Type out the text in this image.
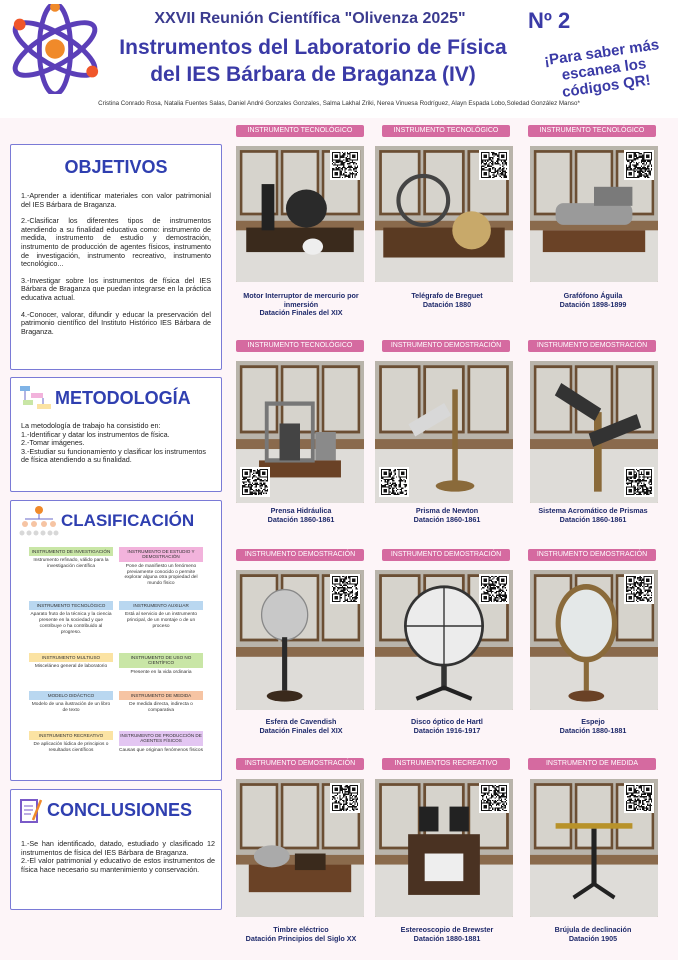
XXVII Reunión Científica "Olivenza 2025"
Instrumentos del Laboratorio de Física
del IES Bárbara de Braganza (IV)
Nº 2
¡Para saber más escanea los códigos QR!
Cristina Conrado Rosa, Natalia Fuentes Salas, Daniel André Gonzales Gonzales, Salma Lakhal Zriki, Nerea Vinuesa Rodríguez, Alayn Espada Lobo,Soledad González Manso*
OBJETIVOS

1.-Aprender a identificar materiales con valor patrimonial del IES Bárbara de Braganza.

2.-Clasificar los diferentes tipos de instrumentos atendiendo a su finalidad educativa como: instrumento de medida, instrumento de estudio y demostración, instrumento de producción de agentes físicos, instrumento de investigación, instrumento recreativo, instrumento tecnológico...

3.-Investigar sobre los instrumentos de física del IES Bárbara de Braganza que puedan integrarse en la práctica educativa actual.

4.-Conocer, valorar, difundir y educar la preservación del patrimonio científico del Instituto Histórico IES Bárbara de Braganza.

METODOLOGÍA

La metodología de trabajo ha consistido en:
1.-Identificar y datar los instrumentos de física.
2.-Tomar imágenes.
3.-Estudiar su funcionamiento y clasificar los instrumentos de física atendiendo a su finalidad.

CLASIFICACIÓN
INSTRUMENTO DE INVESTIGACIÓN
Instrumento refinado, válido para la investigación científica
INSTRUMENTO DE ESTUDIO Y DEMOSTRACIÓN
Pone de manifiesto un fenómeno previamente conocido o permite explorar alguna otra propiedad del mundo físico
INSTRUMENTO TECNOLÓGICO
Aparato fruto de la técnica y la ciencia presente en la sociedad y que contribuye o ha contribuido al progreso.
INSTRUMENTO AUXILIAR
Está al servicio de un instrumento principal, de un montaje o de un proceso
INSTRUMENTO MULTIUSO
Misceláneo general de laboratorio
INSTRUMENTO DE USO NO CIENTÍFICO
Presente en la vida ordinaria
MODELO DIDÁCTICO
Modelo de una ilustración de un libro de texto
INSTRUMENTO DE MEDIDA
De medida directa, indirecta o comparativa
INSTRUMENTO RECREATIVO
De aplicación lúdica de principios o resultados científicos
INSTRUMENTO DE PRODUCCIÓN DE AGENTES FÍSICOS
Causas que originan fenómenos físicos
CONCLUSIONES

1.-Se han identificado, datado, estudiado y clasificado 12 instrumentos de física del IES Bárbara de Braganza.
2.-El valor patrimonial y educativo de estos instrumentos de física hace necesario su mantenimiento y conservación.

INSTRUMENTO TECNOLÓGICO
Motor Interruptor de mercurio por inmersión
Datación Finales del XIX
INSTRUMENTO TECNOLÓGICO
Telégrafo de Breguet
Datación 1880
INSTRUMENTO TECNOLÓGICO
Grafófono Águila
Datación 1898-1899
INSTRUMENTO TECNOLÓGICO
Prensa Hidráulica
Datación 1860-1861
INSTRUMENTO DEMOSTRACIÓN
Prisma de Newton
Datación 1860-1861
INSTRUMENTO DEMOSTRACIÓN
Sistema Acromático de Prismas
Datación 1860-1861
INSTRUMENTO DEMOSTRACIÓN
Esfera de Cavendish
Datación Finales del XIX
INSTRUMENTO DEMOSTRACIÓN
Disco óptico de Hartl
Datación 1916-1917
INSTRUMENTO DEMOSTRACIÓN
Espejo
Datación 1880-1881
INSTRUMENTO DEMOSTRACIÓN
Timbre eléctrico
Datación Principios del Siglo XX
INSTRUMENTOS RECREATIVO
Estereoscopio de Brewster
Datación 1880-1881
INSTRUMENTO DE MEDIDA
Brújula de declinación
Datación 1905
